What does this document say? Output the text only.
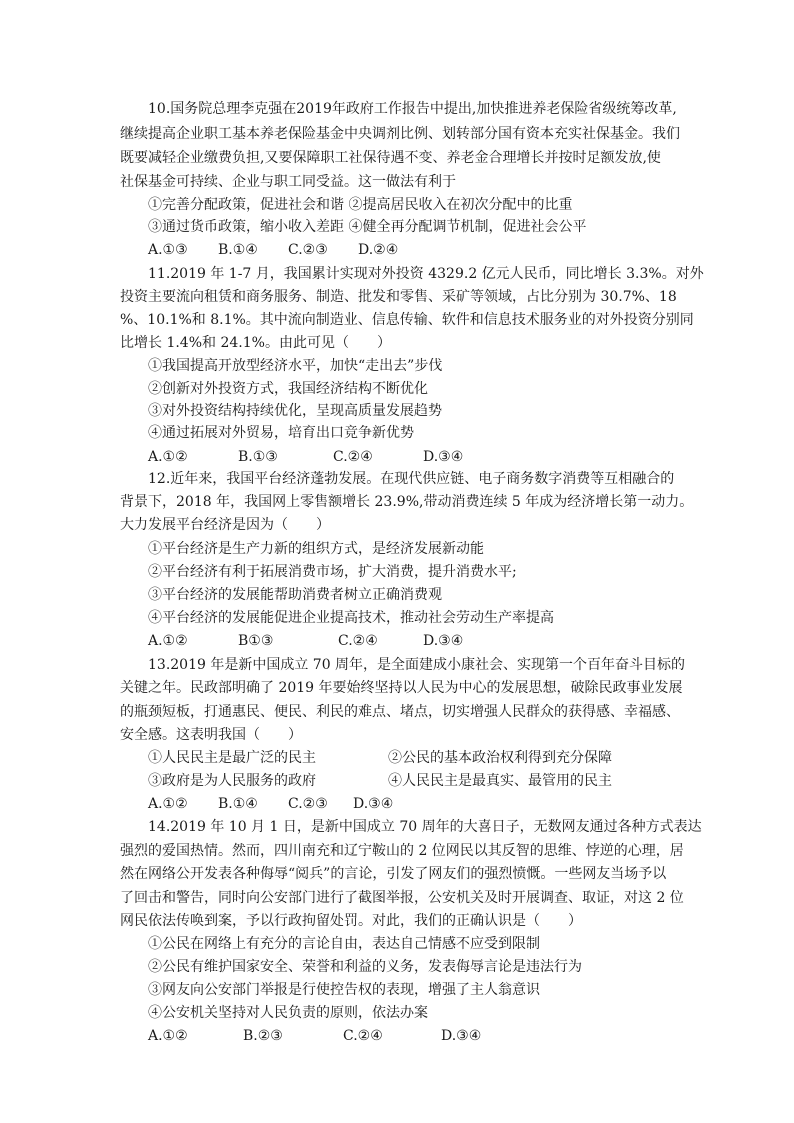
10.国务院总理李克强在2019年政府工作报告中提出,加快推进养老保险省级统筹改革,
继续提高企业职工基本养老保险基金中央调剂比例、划转部分国有资本充实社保基金。我们
既要减轻企业缴费负担,又要保障职工社保待遇不变、养老金合理增长并按时足额发放,使
社保基金可持续、企业与职工同受益。这一做法有利于
①完善分配政策，促进社会和谐 ②提高居民收入在初次分配中的比重
③通过货币政策，缩小收入差距 ④健全再分配调节机制，促进社会公平
A.①③ B.①④ C.②③ D.②④
11.2019 年 1-7 月，我国累计实现对外投资 4329.2 亿元人民币，同比增长 3.3%。对外
投资主要流向租赁和商务服务、制造、批发和零售、采矿等领域，占比分别为 30.7%、18
%、10.1%和 8.1%。其中流向制造业、信息传输、软件和信息技术服务业的对外投资分别同
比增长 1.4%和 24.1%。由此可见（　　）
①我国提高开放型经济水平，加快“走出去”步伐
②创新对外投资方式，我国经济结构不断优化
③对外投资结构持续优化，呈现高质量发展趋势
④通过拓展对外贸易，培育出口竞争新优势
A.①②	B.①③	C.②④	D.③④
12.近年来，我国平台经济蓬勃发展。在现代供应链、电子商务数字消费等互相融合的
背景下，2018 年，我国网上零售额增长 23.9%,带动消费连续 5 年成为经济增长第一动力。
大力发展平台经济是因为（　　）
①平台经济是生产力新的组织方式，是经济发展新动能
②平台经济有利于拓展消费市场，扩大消费，提升消费水平;
③平台经济的发展能帮助消费者树立正确消费观
④平台经济的发展能促进企业提高技术，推动社会劳动生产率提高
A.①②	B①③	C.②④	D.③④
13.2019 年是新中国成立 70 周年，是全面建成小康社会、实现第一个百年奋斗目标的
关键之年。民政部明确了 2019 年要始终坚持以人民为中心的发展思想，破除民政事业发展
的瓶颈短板，打通惠民、便民、利民的难点、堵点，切实增强人民群众的获得感、幸福感、
安全感。这表明我国（　　）
①人民民主是最广泛的民主	②公民的基本政治权利得到充分保障
③政府是为人民服务的政府	④人民民主是最真实、最管用的民主
A.①② B.①④ C.②③ D.③④
14.2019 年 10 月 1 日，是新中国成立 70 周年的大喜日子，无数网友通过各种方式表达
强烈的爱国热情。然而，四川南充和辽宁鞍山的 2 位网民以其反智的思维、悖逆的心理，居
然在网络公开发表各种侮辱“阅兵”的言论，引发了网友们的强烈愤慨。一些网友当场予以
了回击和警告，同时向公安部门进行了截图举报，公安机关及时开展调查、取证，对这 2 位
网民依法传唤到案，予以行政拘留处罚。对此，我们的正确认识是（　　）
①公民在网络上有充分的言论自由，表达自己情感不应受到限制
②公民有维护国家安全、荣誉和利益的义务，发表侮辱言论是违法行为
③网友向公安部门举报是行使控告权的表现，增强了主人翁意识
④公安机关坚持对人民负责的原则，依法办案
A.①②	B.②③	C.②④	D.③④
